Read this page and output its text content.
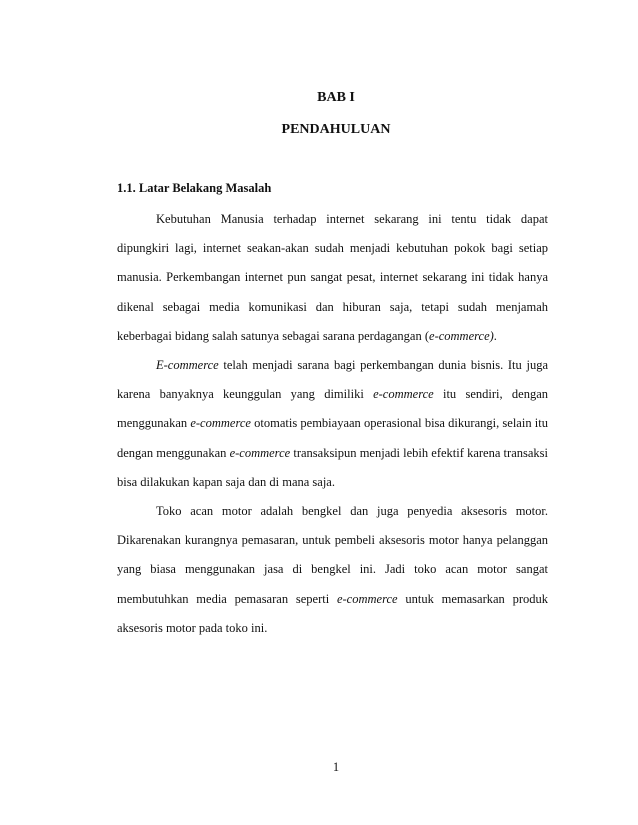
BAB I
PENDAHULUAN
1.1. Latar Belakang Masalah

Kebutuhan Manusia terhadap internet sekarang ini tentu tidak dapat dipungkiri lagi, internet seakan-akan sudah menjadi kebutuhan pokok bagi setiap manusia. Perkembangan internet pun sangat pesat, internet sekarang ini tidak hanya dikenal sebagai media komunikasi dan hiburan saja, tetapi sudah menjamah keberbagai bidang salah satunya sebagai sarana perdagangan (e-commerce).

E-commerce telah menjadi sarana bagi perkembangan dunia bisnis. Itu juga karena banyaknya keunggulan yang dimiliki e-commerce itu sendiri, dengan menggunakan e-commerce otomatis pembiayaan operasional bisa dikurangi, selain itu dengan menggunakan e-commerce transaksipun menjadi lebih efektif karena transaksi bisa dilakukan kapan saja dan di mana saja.

Toko acan motor adalah bengkel dan juga penyedia aksesoris motor. Dikarenakan kurangnya pemasaran, untuk pembeli aksesoris motor hanya pelanggan yang biasa menggunakan jasa di bengkel ini. Jadi toko acan motor sangat membutuhkan media pemasaran seperti e-commerce untuk memasarkan produk aksesoris motor pada toko ini.

1
